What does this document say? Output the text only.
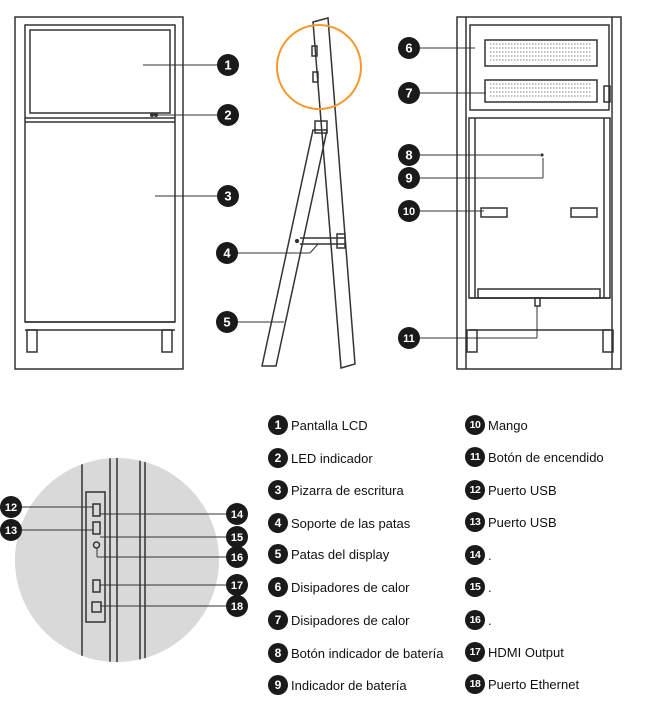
1
2
3
4
5
6
7
8
9
10
11
12
13
14
15
16
17
18
1 Pantalla LCD
2 LED indicador
3 Pizarra de escritura
4 Soporte de las patas
5 Patas del display
6 Disipadores de calor
7 Disipadores de calor
8 Botón indicador de batería
9 Indicador de batería
10 Mango
11 Botón de encendido
12 Puerto USB
13 Puerto USB
14 .
15 .
16 .
17 HDMI Output
18 Puerto Ethernet
